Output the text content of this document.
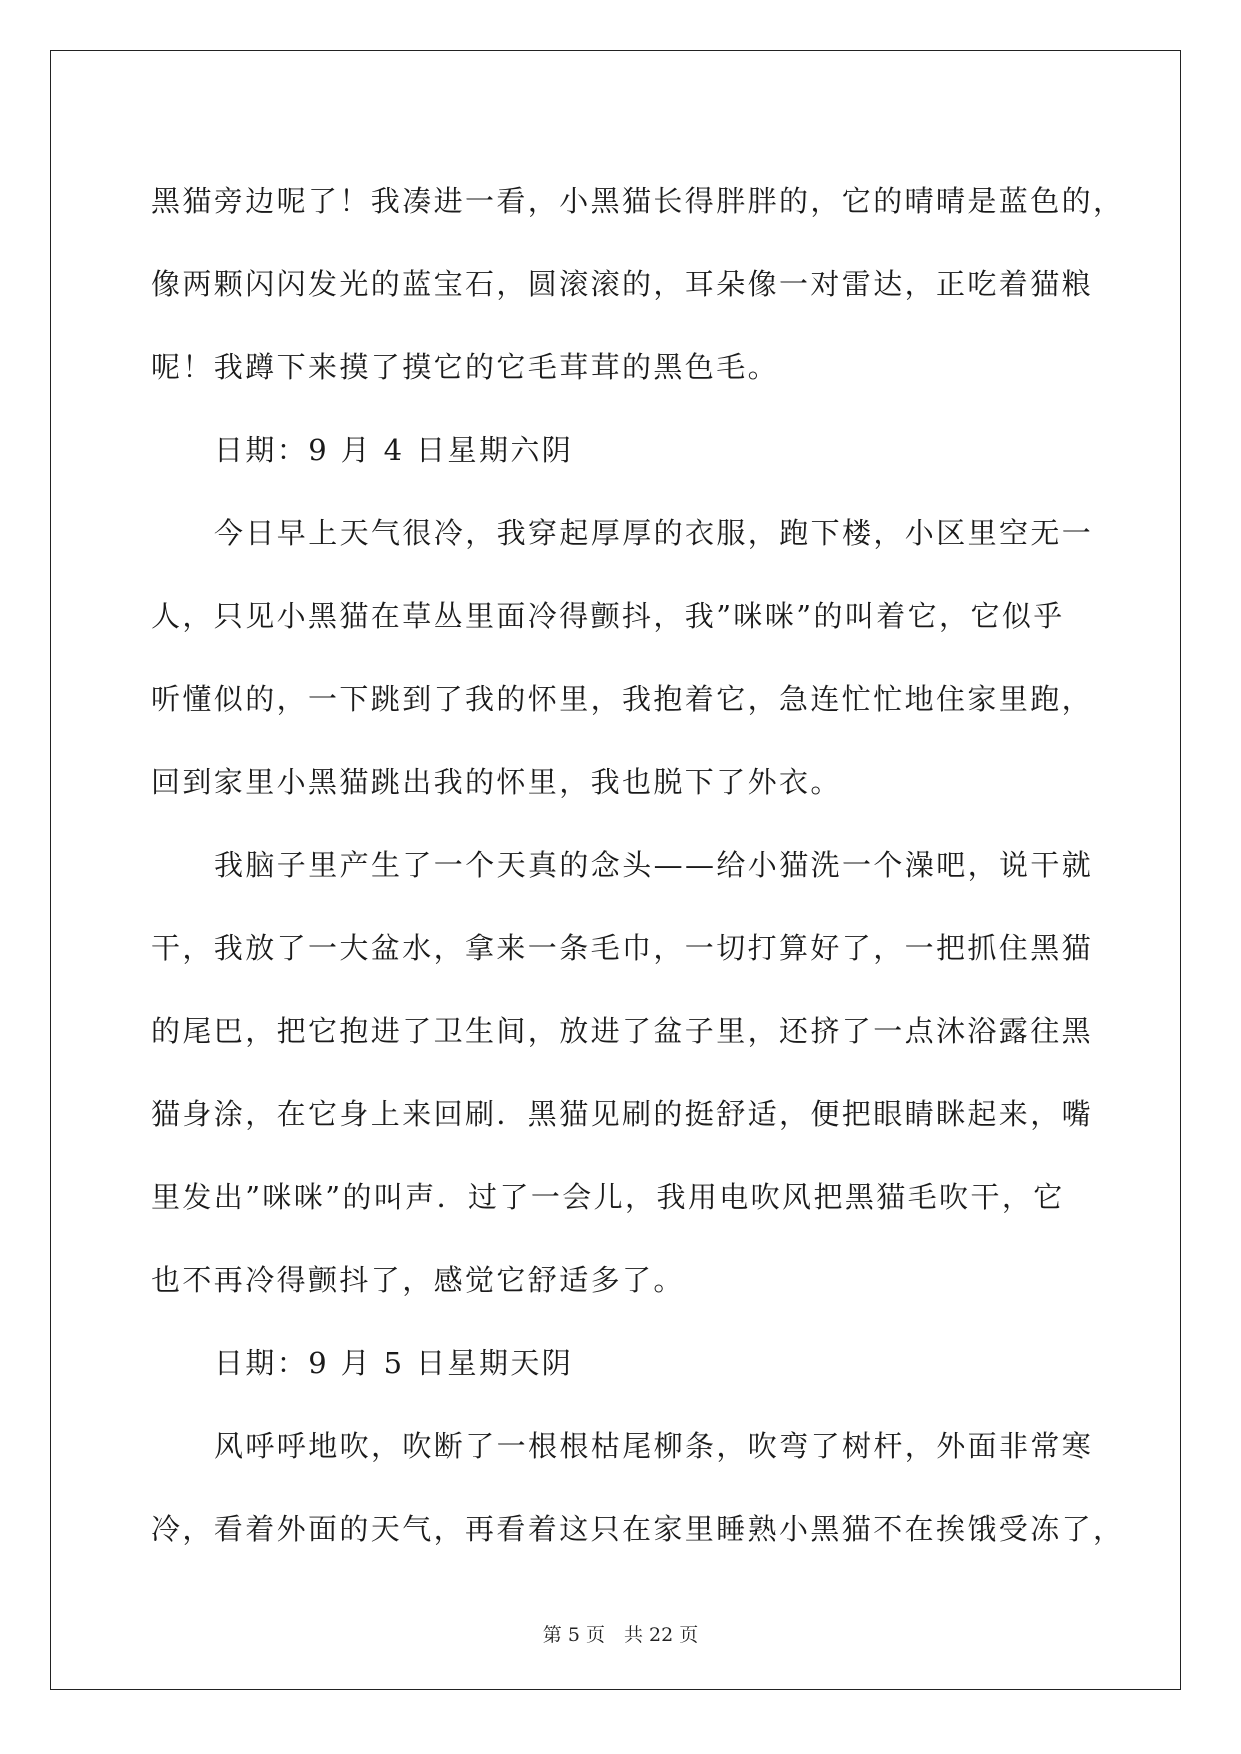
黑猫旁边呢了！我凑进一看，小黑猫长得胖胖的，它的晴晴是蓝色的，
像两颗闪闪发光的蓝宝石，圆滚滚的，耳朵像一对雷达，正吃着猫粮
呢！我蹲下来摸了摸它的它毛茸茸的黑色毛。
日期：9 月 4 日星期六阴
今日早上天气很冷，我穿起厚厚的衣服，跑下楼，小区里空无一
人，只见小黑猫在草丛里面冷得颤抖，我”咪咪”的叫着它，它似乎
听懂似的，一下跳到了我的怀里，我抱着它，急连忙忙地住家里跑，
回到家里小黑猫跳出我的怀里，我也脱下了外衣。
我脑子里产生了一个天真的念头——给小猫洗一个澡吧，说干就
干，我放了一大盆水，拿来一条毛巾，一切打算好了，一把抓住黑猫
的尾巴，把它抱进了卫生间，放进了盆子里，还挤了一点沐浴露往黑
猫身涂，在它身上来回刷．黑猫见刷的挺舒适，便把眼睛眯起来，嘴
里发出”咪咪”的叫声．过了一会儿，我用电吹风把黑猫毛吹干，它
也不再冷得颤抖了，感觉它舒适多了。
日期：9 月 5 日星期天阴
风呼呼地吹，吹断了一根根枯尾柳条，吹弯了树杆，外面非常寒
冷，看着外面的天气，再看着这只在家里睡熟小黑猫不在挨饿受冻了，
第 5 页　共 22 页
